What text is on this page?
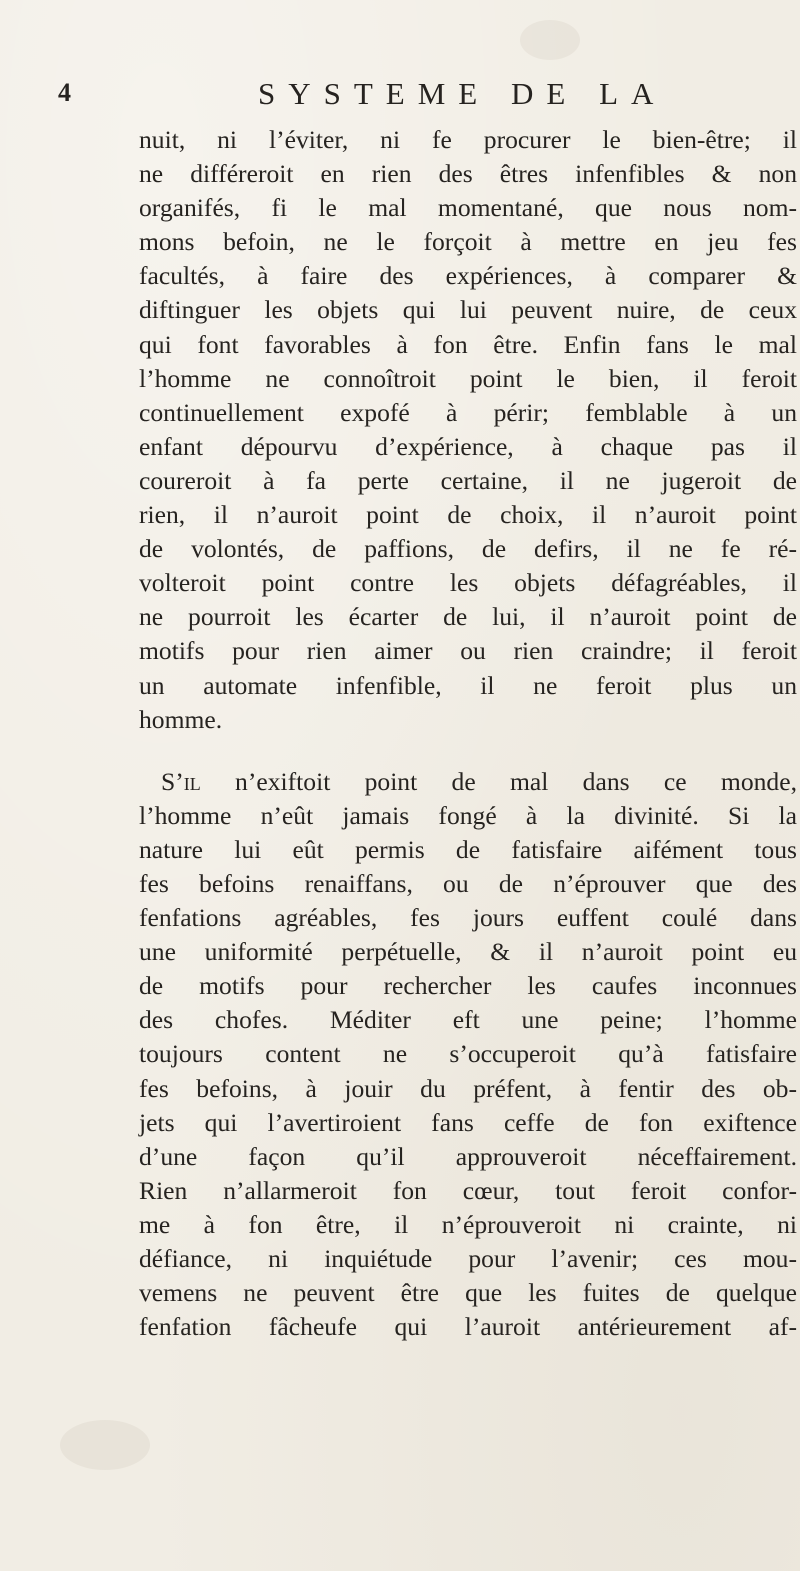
4	SYSTEME DE LA
nuit, ni l’éviter, ni fe procurer le bien-être; il
ne différeroit en rien des êtres infenfibles & non
organifés, fi le mal momentané, que nous nom-
mons befoin, ne le forçoit à mettre en jeu fes
facultés, à faire des expériences, à comparer &
diftinguer les objets qui lui peuvent nuire, de ceux
qui font favorables à fon être. Enfin fans le mal
l’homme ne connoîtroit point le bien, il feroit
continuellement expofé à périr; femblable à un
enfant dépourvu d’expérience, à chaque pas il
coureroit à fa perte certaine, il ne jugeroit de
rien, il n’auroit point de choix, il n’auroit point
de volontés, de paffions, de defirs, il ne fe ré-
volteroit point contre les objets défagréables, il
ne pourroit les écarter de lui, il n’auroit point de
motifs pour rien aimer ou rien craindre; il feroit
un automate infenfible, il ne feroit plus un
homme.
S’il n’exiftoit point de mal dans ce monde,
l’homme n’eût jamais fongé à la divinité. Si la
nature lui eût permis de fatisfaire aifément tous
fes befoins renaiffans, ou de n’éprouver que des
fenfations agréables, fes jours euffent coulé dans
une uniformité perpétuelle, & il n’auroit point eu
de motifs pour rechercher les caufes inconnues
des chofes. Méditer eft une peine; l’homme
toujours content ne s’occuperoit qu’à fatisfaire
fes befoins, à jouir du préfent, à fentir des ob-
jets qui l’avertiroient fans ceffe de fon exiftence
d’une façon qu’il approuveroit néceffairement.
Rien n’allarmeroit fon cœur, tout feroit confor-
me à fon être, il n’éprouveroit ni crainte, ni
défiance, ni inquiétude pour l’avenir; ces mou-
vemens ne peuvent être que les fuites de quelque
fenfation fâcheufe qui l’auroit antérieurement af-
